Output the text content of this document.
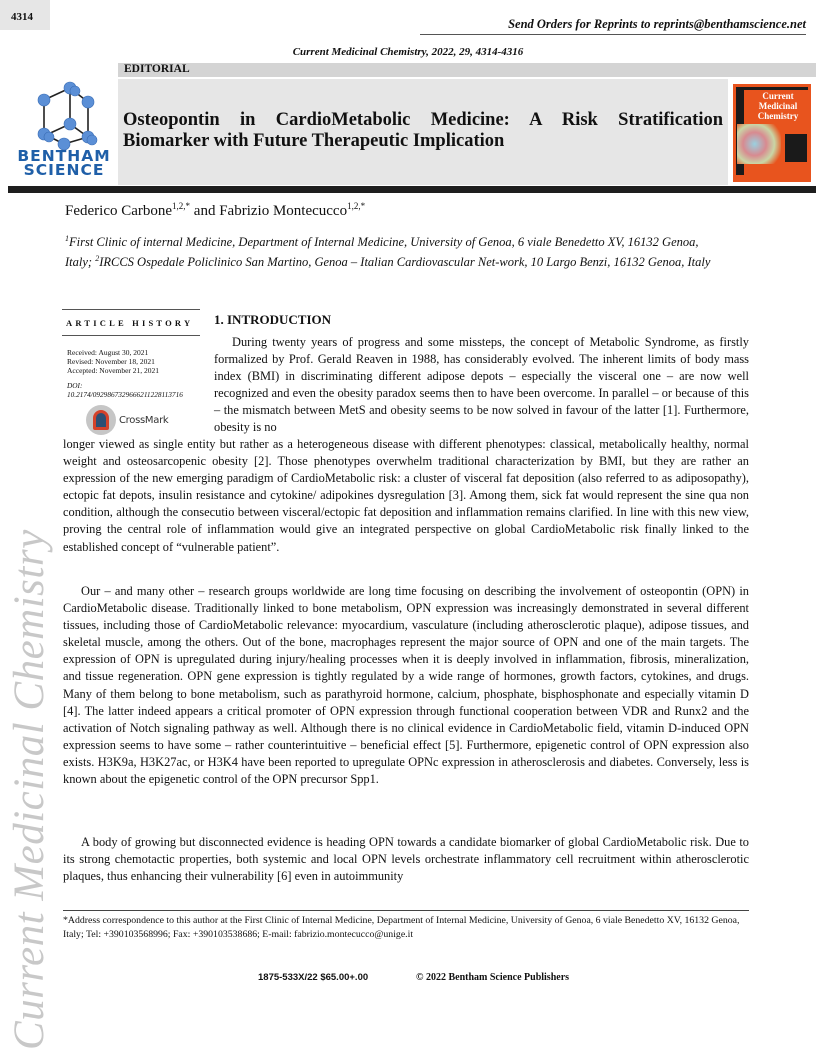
4314	Send Orders for Reprints to reprints@benthamscience.net
Current Medicinal Chemistry, 2022, 29, 4314-4316
EDITORIAL
BENTHAM
SCIENCE
Osteopontin in CardioMetabolic Medicine: A Risk Stratification
Biomarker with Future Therapeutic Implication
Current Medicinal Chemistry
Federico Carbone$^{1,2,*}$ and Fabrizio Montecucco$^{1,2,*}$
$^1$First Clinic of internal Medicine, Department of Internal Medicine, University of Genoa, 6 viale Benedetto XV, 16132 Genoa, Italy; $^2$IRCCS Ospedale Policlinico San Martino, Genoa – Italian Cardiovascular Net-work, 10 Largo Benzi, 16132 Genoa, Italy
ARTICLE HISTORY
Received: August 30, 2021
Revised: November 18, 2021
Accepted: November 21, 2021
DOI:
10.2174/0929867329666211228113716
CrossMark
1. INTRODUCTION
During twenty years of progress and some missteps, the concept of Metabolic Syndrome, as firstly formalized by Prof. Gerald Reaven in 1988, has considerably evolved. The inherent limits of body mass index (BMI) in discriminating different adipose depots – especially the visceral one – are now well recognized and even the obesity paradox seems then to have been overcome. In parallel – or because of this – the mismatch between MetS and obesity seems to be now solved in favour of the latter [1]. Furthermore, obesity is no
longer viewed as single entity but rather as a heterogeneous disease with different phenotypes: classical, metabolically healthy, normal weight and osteosarcopenic obesity [2]. Those phenotypes overwhelm traditional characterization by BMI, but they are rather an expression of the new emerging paradigm of CardioMetabolic risk: a cluster of visceral fat deposition (also referred to as adiposopathy), ectopic fat depots, insulin resistance and cytokine/ adipokines dysregulation [3]. Among them, sick fat would represent the sine qua non condition, although the consecutio between visceral/ectopic fat deposition and inflammation remains clarified. In line with this new view, proving the central role of inflammation would give an integrated perspective on global CardioMetabolic risk finally linked to the established concept of “vulnerable patient”.
Our – and many other – research groups worldwide are long time focusing on describing the involvement of osteopontin (OPN) in CardioMetabolic disease. Traditionally linked to bone metabolism, OPN expression was increasingly demonstrated in several different tissues, including those of CardioMetabolic relevance: myocardium, vasculature (including atherosclerotic plaque), adipose tissues, and skeletal muscle, among the others. Out of the bone, macrophages represent the major source of OPN and one of the main targets. The expression of OPN is upregulated during injury/healing processes when it is deeply involved in inflammation, fibrosis, mineralization, and tissue regeneration. OPN gene expression is tightly regulated by a wide range of hormones, growth factors, cytokines, and drugs. Many of them belong to bone metabolism, such as parathyroid hormone, calcium, phosphate, bisphosphonate and especially vitamin D [4]. The latter indeed appears a critical promoter of OPN expression through functional cooperation between VDR and Runx2 and the activation of Notch signaling pathway as well. Although there is no clinical evidence in CardioMetabolic field, vitamin D-induced OPN expression seems to have some – rather counterintuitive – beneficial effect [5]. Furthermore, epigenetic control of OPN expression also exists. H3K9a, H3K27ac, or H3K4 have been reported to upregulate OPNc expression in atherosclerosis and diabetes. Conversely, less is known about the epigenetic control of the OPN precursor Spp1.
A body of growing but disconnected evidence is heading OPN towards a candidate biomarker of global CardioMetabolic risk. Due to its strong chemotactic properties, both systemic and local OPN levels orchestrate inflammatory cell recruitment within atherosclerotic plaques, thus enhancing their vulnerability [6] even in autoimmunity
*Address correspondence to this author at the First Clinic of Internal Medicine, Department of Internal Medicine, University of Genoa, 6 viale Benedetto XV, 16132 Genoa, Italy; Tel: +390103568996; Fax: +390103538686; E-mail: fabrizio.montecucco@unige.it
1875-533X/22 $65.00+.00	© 2022 Bentham Science Publishers
Current Medicinal Chemistry
